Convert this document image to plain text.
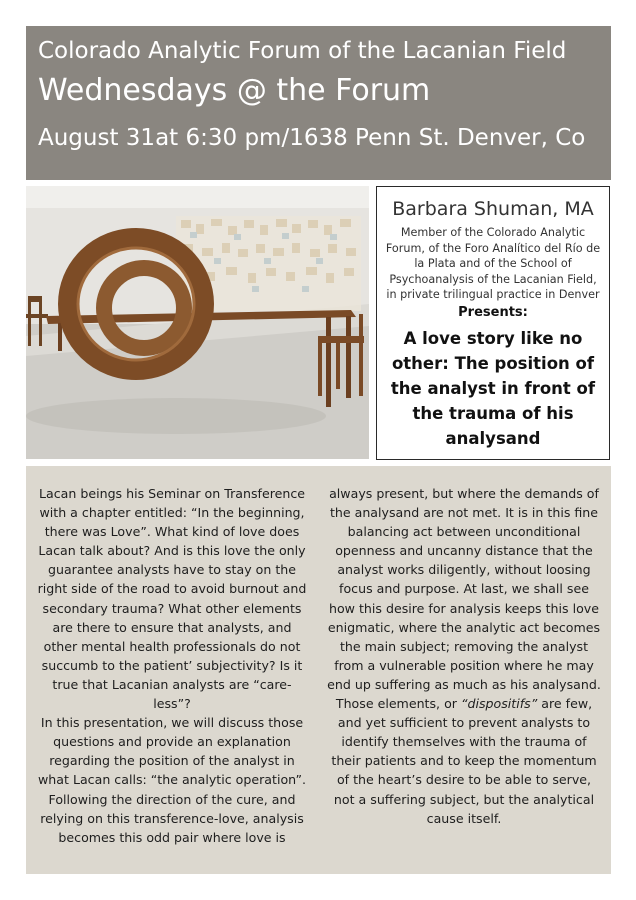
Colorado Analytic Forum of the Lacanian Field
Wednesdays @ the Forum
August 31at 6:30 pm/1638 Penn St. Denver, Co
Barbara Shuman, MA
Member of the Colorado Analytic Forum, of the Foro Analítico del Río de la Plata and of the School of Psychoanalysis of the Lacanian Field, in private trilingual practice in Denver
Presents:
A love story like no other: The position of the analyst in front of the trauma of his analysand

Lacan beings his Seminar on Transference with a chapter entitled: “In the beginning, there was Love”. What kind of love does Lacan talk about? And is this love the only guarantee analysts have to stay on the right side of the road to avoid burnout and secondary trauma? What other elements are there to ensure that analysts, and other mental health professionals do not succumb to the patient’ subjectivity? Is it true that Lacanian analysts are “care-less”?

In this presentation, we will discuss those questions and provide an explanation regarding the position of the analyst in what Lacan calls: “the analytic operation”. Following the direction of the cure, and relying on this transference-love, analysis becomes this odd pair where love is

always present, but where the demands of the analysand are not met. It is in this fine balancing act between unconditional openness and uncanny distance that the analyst works diligently, without loosing focus and purpose. At last, we shall see how this desire for analysis keeps this love enigmatic, where the analytic act becomes the main subject; removing the analyst from a vulnerable position where he may end up suffering as much as his analysand. Those elements, or “dispositifs” are few, and yet sufficient to prevent analysts to identify themselves with the trauma of their patients and to keep the momentum of the heart’s desire to be able to serve, not a suffering subject, but the analytical cause itself.
